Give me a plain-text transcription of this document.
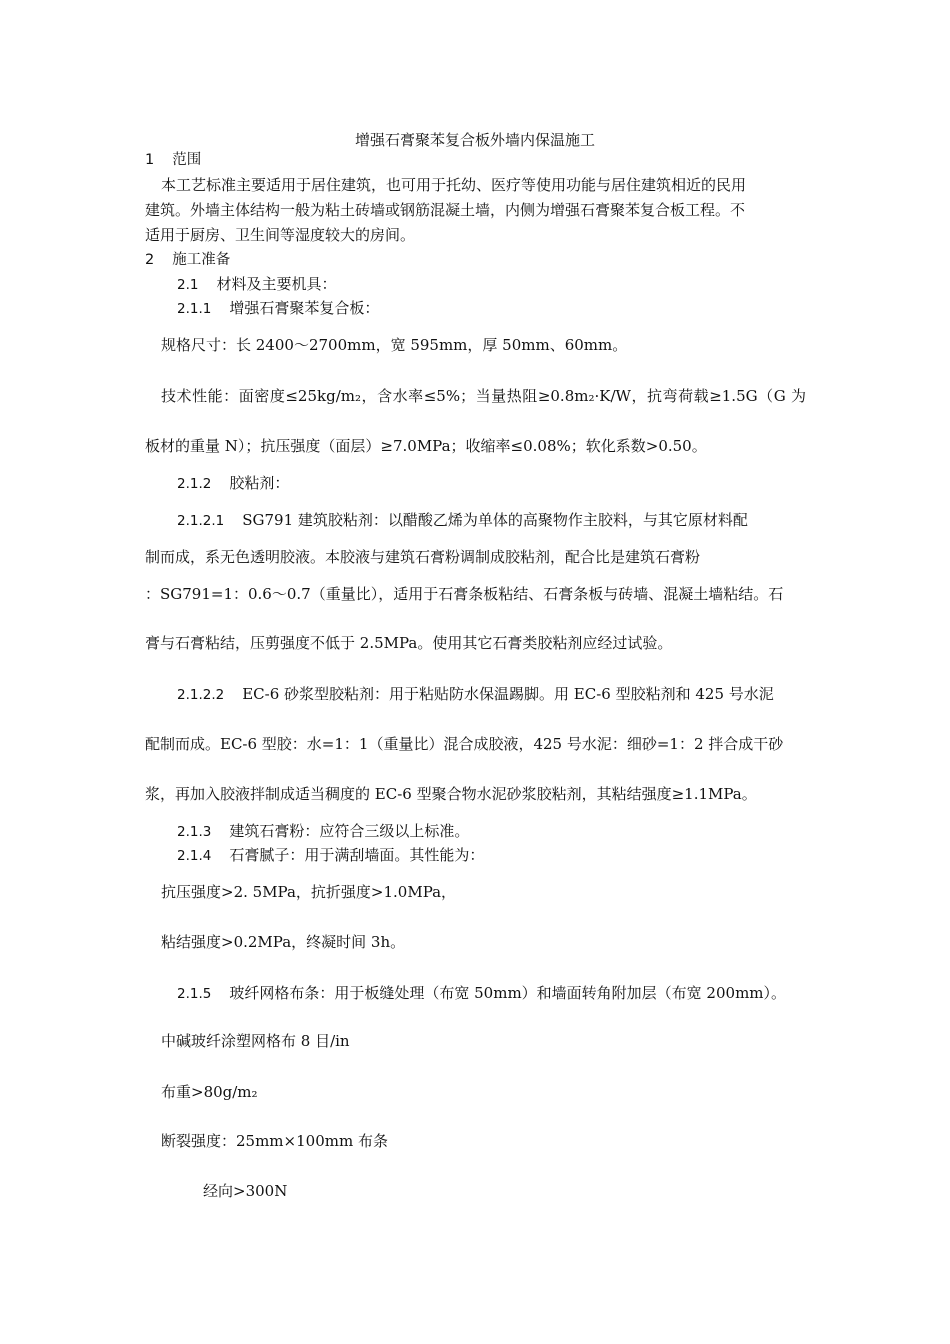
增强石膏聚苯复合板外墙内保温施工
1 范围
本工艺标准主要适用于居住建筑，也可用于托幼、医疗等使用功能与居住建筑相近的民用
建筑。外墙主体结构一般为粘土砖墙或钢筋混凝土墙，内侧为增强石膏聚苯复合板工程。不
适用于厨房、卫生间等湿度较大的房间。
2 施工准备
2.1 材料及主要机具：
2.1.1 增强石膏聚苯复合板：
规格尺寸：长 2400～2700mm，宽 595mm，厚 50mm、60mm。
技术性能：面密度≤25kg/m₂，含水率≤5%；当量热阻≥0.8m₂·K/W，抗弯荷载≥1.5G（G 为
板材的重量 N）；抗压强度（面层）≥7.0MPa；收缩率≤0.08%；软化系数>0.50。
2.1.2 胶粘剂：
2.1.2.1 SG791 建筑胶粘剂：以醋酸乙烯为单体的高聚物作主胶料，与其它原材料配
制而成，系无色透明胶液。本胶液与建筑石膏粉调制成胶粘剂，配合比是建筑石膏粉
：SG791=1：0.6～0.7（重量比），适用于石膏条板粘结、石膏条板与砖墙、混凝土墙粘结。石
膏与石膏粘结，压剪强度不低于 2.5MPa。使用其它石膏类胶粘剂应经过试验。
2.1.2.2 EC-6 砂浆型胶粘剂：用于粘贴防水保温踢脚。用 EC-6 型胶粘剂和 425 号水泥
配制而成。EC-6 型胶：水=1：1（重量比）混合成胶液，425 号水泥：细砂=1：2 拌合成干砂
浆，再加入胶液拌制成适当稠度的 EC-6 型聚合物水泥砂浆胶粘剂，其粘结强度≥1.1MPa。
2.1.3 建筑石膏粉：应符合三级以上标准。
2.1.4 石膏腻子：用于满刮墙面。其性能为：
抗压强度>2. 5MPa，抗折强度>1.0MPa，
粘结强度>0.2MPa，终凝时间 3h。
2.1.5 玻纤网格布条：用于板缝处理（布宽 50mm）和墙面转角附加层（布宽 200mm）。
中碱玻纤涂塑网格布 8 目/in
布重>80g/m₂
断裂强度：25mm×100mm 布条
经向>300N
